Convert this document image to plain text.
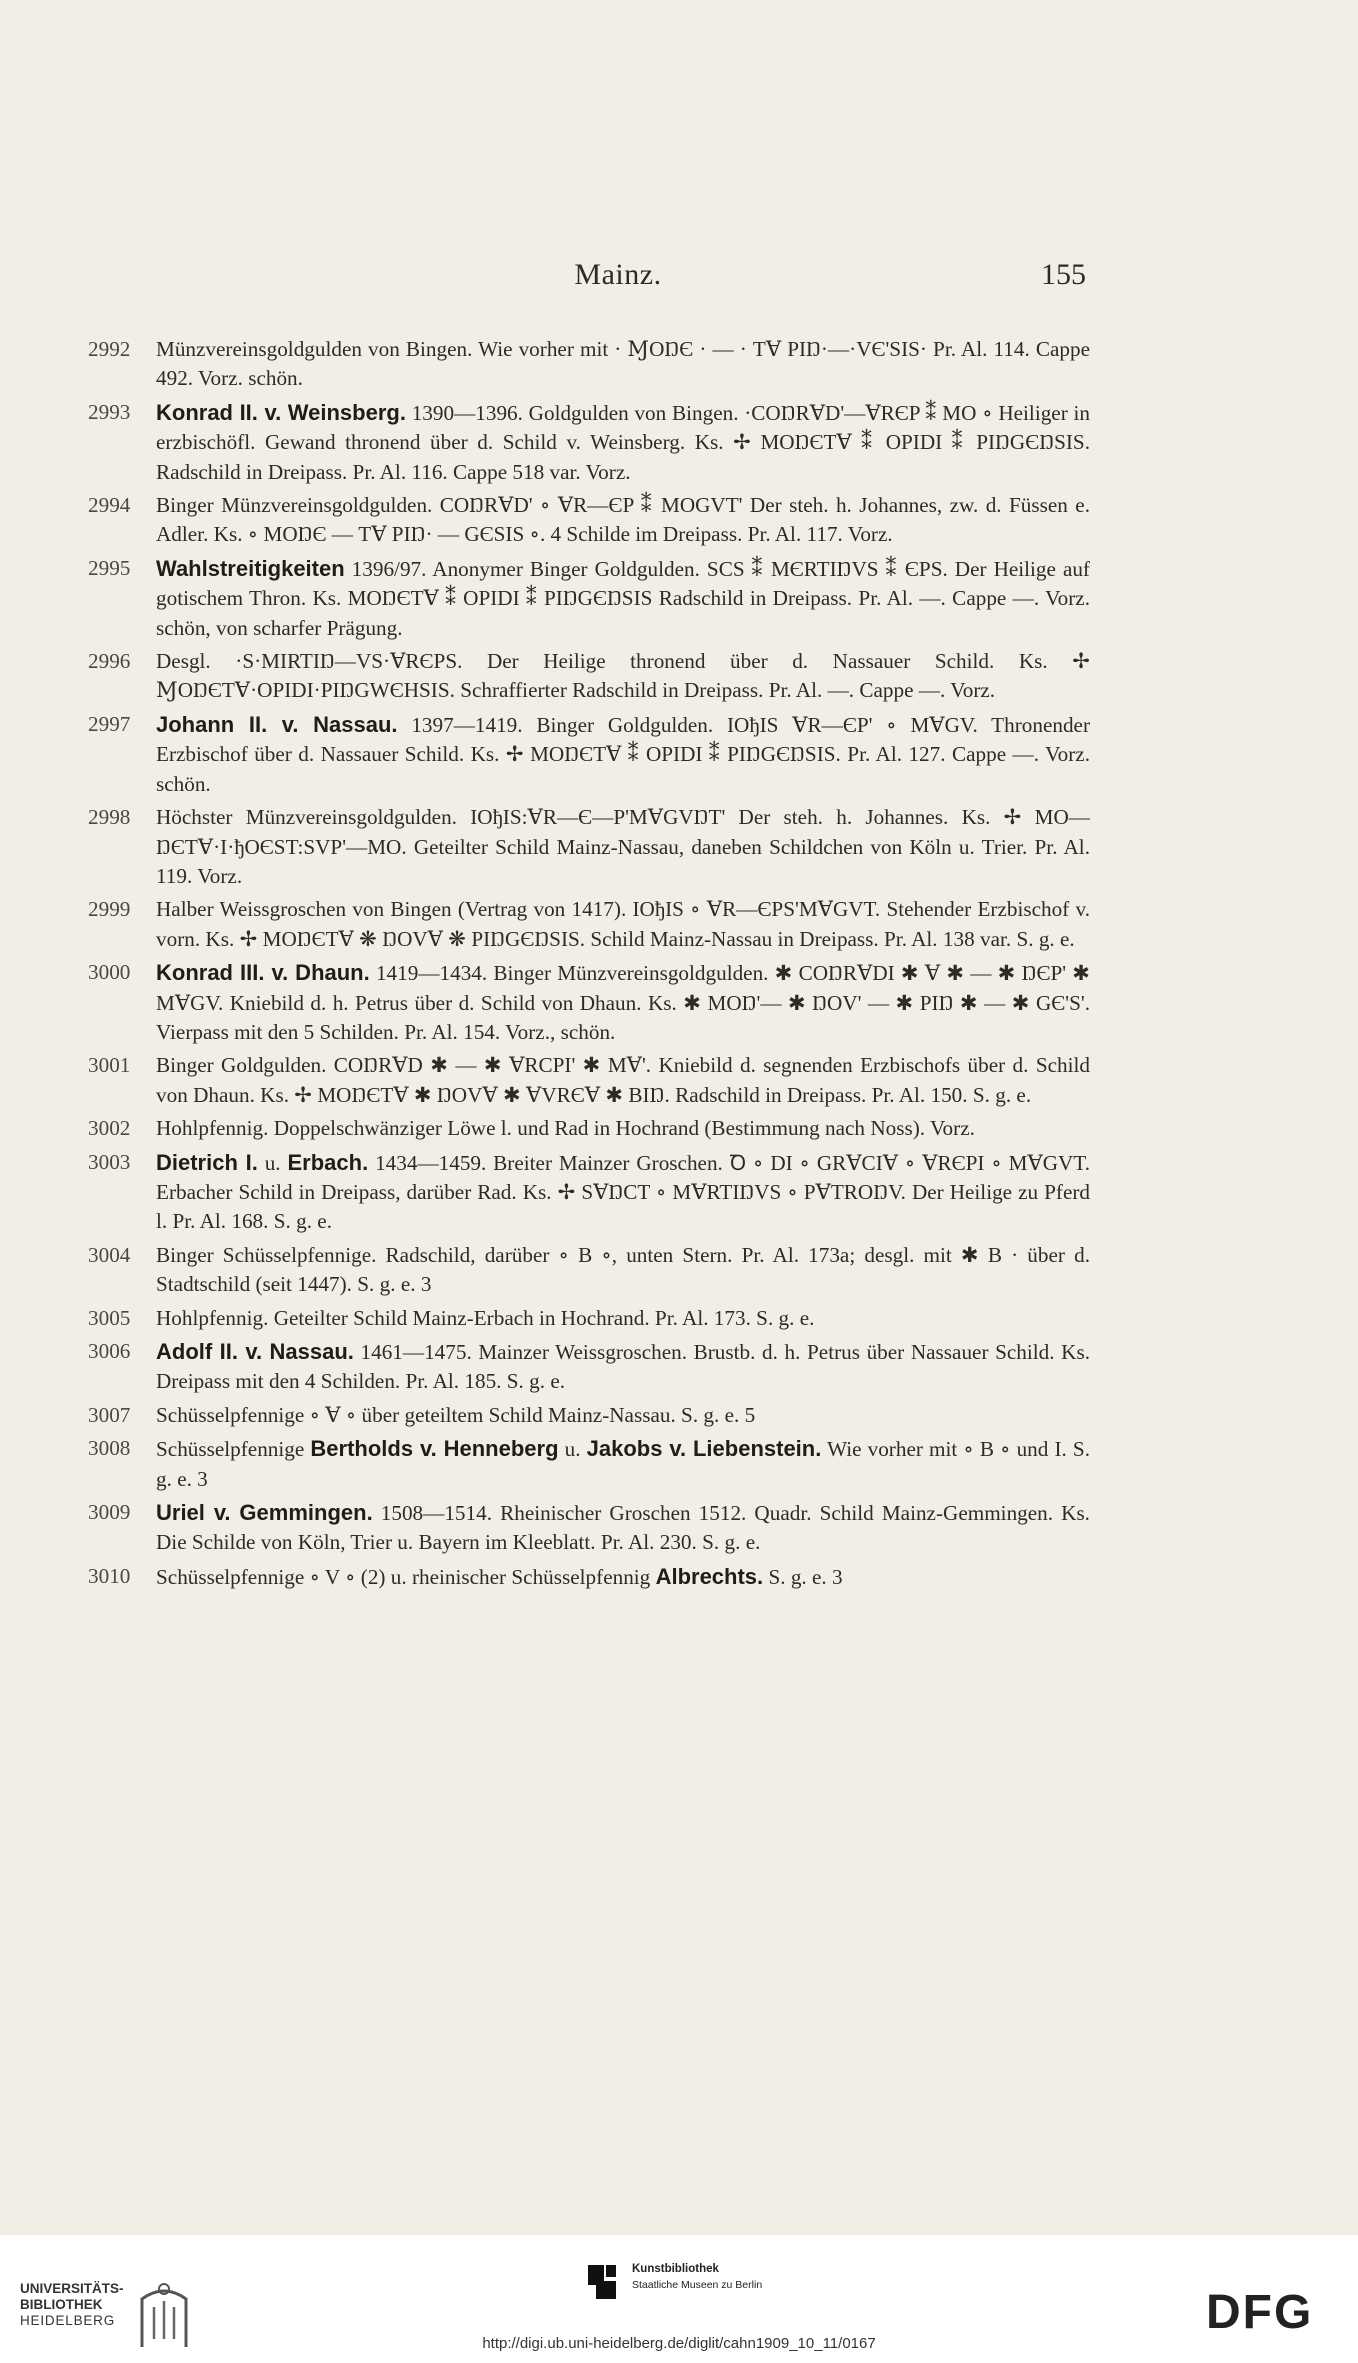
Mainz.	155
2992	Münzvereinsgoldgulden von Bingen. Wie vorher mit · ⱮOŊЄ · — · TⱯ PIŊ·—·VЄ'SIS· Pr. Al. 114. Cappe 492. Vorz. schön.
2993	Konrad II. v. Weinsberg. 1390—1396. Goldgulden von Bingen. ·COŊRⱯD'—ⱯRЄP ⁑ MO ∘ Heiliger in erzbischöfl. Gewand thronend über d. Schild v. Weinsberg. Ks. ✢ MOŊЄTⱯ ⁑ OPIDI ⁑ PIŊGЄŊSIS. Radschild in Dreipass. Pr. Al. 116. Cappe 518 var. Vorz.
2994	Binger Münzvereinsgoldgulden. COŊRⱯD' ∘ ⱯR—ЄP ⁑ MOGVT' Der steh. h. Johannes, zw. d. Füssen e. Adler. Ks. ∘ MOŊЄ — TⱯ PIŊ· — GЄSIS ∘. 4 Schilde im Dreipass. Pr. Al. 117. Vorz.
2995	Wahlstreitigkeiten 1396/97. Anonymer Binger Goldgulden. SCS ⁑ MЄRTIŊVS ⁑ ЄPS. Der Heilige auf gotischem Thron. Ks. MOŊЄTⱯ ⁑ OPIDI ⁑ PIŊGЄŊSIS Radschild in Dreipass. Pr. Al. —. Cappe —. Vorz. schön, von scharfer Prägung.
2996	Desgl. ·S·MIRTIŊ—VS·ⱯRЄPS. Der Heilige thronend über d. Nassauer Schild. Ks. ✢ ⱮOŊЄTⱯ·OPIDI·PIŊGWЄHSIS. Schraffierter Radschild in Dreipass. Pr. Al. —. Cappe —. Vorz.
2997	Johann II. v. Nassau. 1397—1419. Binger Goldgulden. IOђIS ⱯR—ЄP' ∘ MⱯGV. Thronender Erzbischof über d. Nassauer Schild. Ks. ✢ MOŊЄTⱯ ⁑ OPIDI ⁑ PIŊGЄŊSIS. Pr. Al. 127. Cappe —. Vorz. schön.
2998	Höchster Münzvereinsgoldgulden. IOђIS:ⱯR—Є—P'MⱯGVŊT' Der steh. h. Johannes. Ks. ✢ MO—ŊЄTⱯ·I·ђOЄST:SVP'—MO. Geteilter Schild Mainz-Nassau, daneben Schildchen von Köln u. Trier. Pr. Al. 119. Vorz.
2999	Halber Weissgroschen von Bingen (Vertrag von 1417). IOђIS ∘ ⱯR—ЄPS'MⱯGVT. Stehender Erzbischof v. vorn. Ks. ✢ MOŊЄTⱯ ❋ ŊOVⱯ ❋ PIŊGЄŊSIS. Schild Mainz-Nassau in Dreipass. Pr. Al. 138 var. S. g. e.
3000	Konrad III. v. Dhaun. 1419—1434. Binger Münzvereinsgoldgulden. ✱ COŊRⱯDI ✱ Ɐ ✱ — ✱ ŊЄP' ✱ MⱯGV. Kniebild d. h. Petrus über d. Schild von Dhaun. Ks. ✱ MOŊ'— ✱ ŊOV' — ✱ PIŊ ✱ — ✱ GЄ'S'. Vierpass mit den 5 Schilden. Pr. Al. 154. Vorz., schön.
3001	Binger Goldgulden. COŊRⱯD ✱ — ✱ ⱯRCPI' ✱ MⱯ'. Kniebild d. segnenden Erzbischofs über d. Schild von Dhaun. Ks. ✢ MOŊЄTⱯ ✱ ŊOVⱯ ✱ ⱯVRЄⱯ ✱ BIŊ. Radschild in Dreipass. Pr. Al. 150. S. g. e.
3002	Hohlpfennig. Doppelschwänziger Löwe l. und Rad in Hochrand (Bestimmung nach Noss). Vorz.
3003	Dietrich I. u. Erbach. 1434—1459. Breiter Mainzer Groschen. Ꝺ ∘ DI ∘ GRⱯCIⱯ ∘ ⱯRЄPI ∘ MⱯGVT. Erbacher Schild in Dreipass, darüber Rad. Ks. ✢ SⱯŊCT ∘ MⱯRTIŊVS ∘ PⱯTROŊV. Der Heilige zu Pferd l. Pr. Al. 168. S. g. e.
3004	Binger Schüsselpfennige. Radschild, darüber ∘ B ∘, unten Stern. Pr. Al. 173a; desgl. mit ✱ B · über d. Stadtschild (seit 1447). S. g. e. 3
3005	Hohlpfennig. Geteilter Schild Mainz-Erbach in Hochrand. Pr. Al. 173. S. g. e.
3006	Adolf II. v. Nassau. 1461—1475. Mainzer Weissgroschen. Brustb. d. h. Petrus über Nassauer Schild. Ks. Dreipass mit den 4 Schilden. Pr. Al. 185. S. g. e.
3007	Schüsselpfennige ∘ Ɐ ∘ über geteiltem Schild Mainz-Nassau. S. g. e. 5
3008	Schüsselpfennige Bertholds v. Henneberg u. Jakobs v. Liebenstein. Wie vorher mit ∘ B ∘ und I. S. g. e. 3
3009	Uriel v. Gemmingen. 1508—1514. Rheinischer Groschen 1512. Quadr. Schild Mainz-Gemmingen. Ks. Die Schilde von Köln, Trier u. Bayern im Kleeblatt. Pr. Al. 230. S. g. e.
3010	Schüsselpfennige ∘ V ∘ (2) u. rheinischer Schüsselpfennig Albrechts. S. g. e. 3
UNIVERSITÄTS-
BIBLIOTHEK
HEIDELBERG
Kunstbibliothek
Staatliche Museen zu Berlin
DFG
http://digi.ub.uni-heidelberg.de/diglit/cahn1909_10_11/0167
